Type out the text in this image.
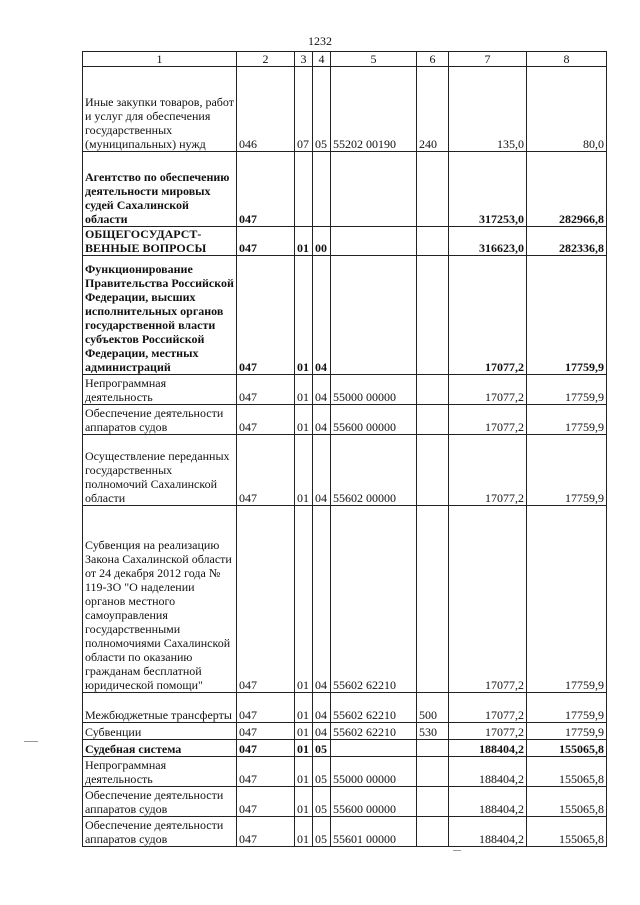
1232
1	2	3	4	5	6	7	8
Иные закупки товаров, работ и услуг для обеспечения государственных (муниципальных) нужд	046	07	05	55202 00190	240	135,0	80,0
Агентство по обеспечению деятельности мировых судей Сахалинской области	047					317253,0	282966,8
ОБЩЕГОСУДАРСТ-ВЕННЫЕ ВОПРОСЫ	047	01	00			316623,0	282336,8
Функционирование Правительства Российской Федерации, высших исполнительных органов государственной власти субъектов Российской Федерации, местных администраций	047	01	04			17077,2	17759,9
Непрограммная деятельность	047	01	04	55000 00000		17077,2	17759,9
Обеспечение деятельности аппаратов судов	047	01	04	55600 00000		17077,2	17759,9
Осуществление переданных государственных полномочий Сахалинской области	047	01	04	55602 00000		17077,2	17759,9
Субвенция на реализацию Закона Сахалинской области от 24 декабря 2012 года № 119-ЗО "О наделении органов местного самоуправления государственными полномочиями Сахалинской области по оказанию гражданам бесплатной юридической помощи"	047	01	04	55602 62210		17077,2	17759,9
Межбюджетные трансферты	047	01	04	55602 62210	500	17077,2	17759,9
Субвенции	047	01	04	55602 62210	530	17077,2	17759,9
Судебная система	047	01	05			188404,2	155065,8
Непрограммная деятельность	047	01	05	55000 00000		188404,2	155065,8
Обеспечение деятельности аппаратов судов	047	01	05	55600 00000		188404,2	155065,8
Обеспечение деятельности аппаратов судов	047	01	05	55601 00000		188404,2	155065,8
